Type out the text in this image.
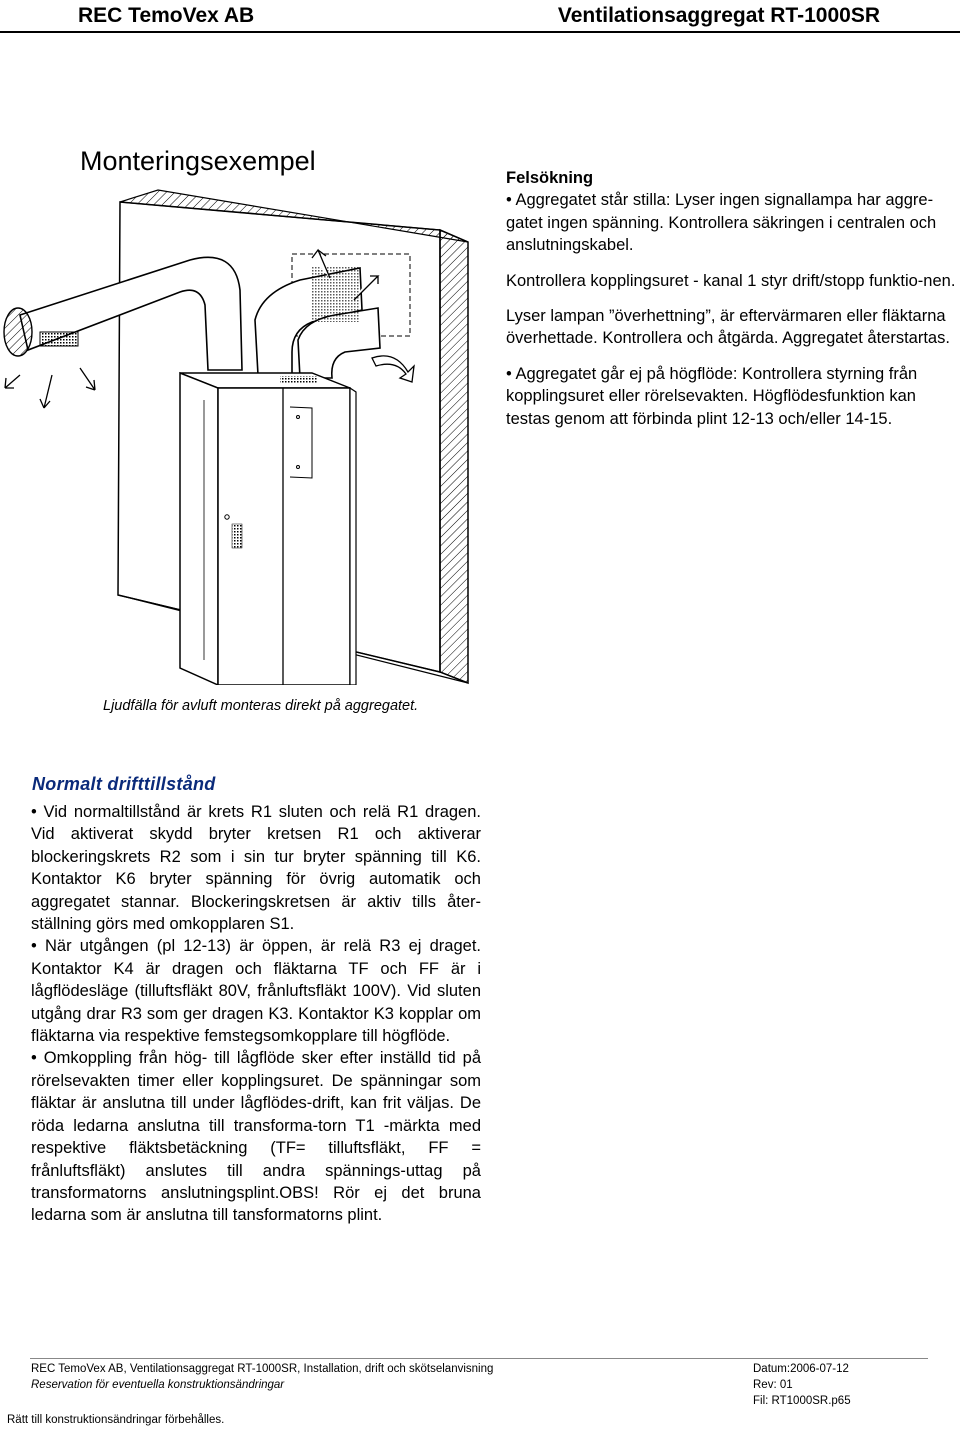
REC TemoVex AB	Ventilationsaggregat RT-1000SR
Monteringsexempel

Felsökning

• Aggregatet står stilla: Lyser ingen signallampa har aggre-gatet ingen spänning. Kontrollera säkringen i centralen och anslutningskabel.

Kontrollera kopplingsuret - kanal 1 styr drift/stopp funktio-nen.

Lyser lampan ”överhettning”, är eftervärmaren eller fläktarna överhettade. Kontrollera och åtgärda. Aggregatet återstartas.

• Aggregatet går ej på högflöde: Kontrollera styrning från kopplingsuret eller rörelsevakten. Högflödesfunktion kan testas genom att förbinda plint 12-13 och/eller 14-15.

Ljudfälla för avluft monteras direkt på aggregatet.
Normalt drifttillstånd

• Vid normaltillstånd är krets R1 sluten och relä R1 dragen. Vid aktiverat skydd bryter kretsen R1 och aktiverar blockeringskrets R2 som i sin tur bryter spänning till K6. Kontaktor K6 bryter spänning för övrig automatik och aggregatet stannar. Blockeringskretsen är aktiv tills åter-ställning görs med omkopplaren S1.

• När utgången (pl 12-13) är öppen, är relä R3 ej draget. Kontaktor K4 är dragen och fläktarna TF och FF är i lågflödesläge (tilluftsfläkt 80V, frånluftsfläkt 100V). Vid sluten utgång drar R3 som ger dragen K3. Kontaktor K3 kopplar om fläktarna via respektive femstegsomkopplare till högflöde.

• Omkoppling från hög- till lågflöde sker efter inställd tid på rörelsevakten timer eller kopplingsuret. De spänningar som fläktar är anslutna till under lågflödes-drift, kan frit väljas. De röda ledarna anslutna till transforma-torn T1 -märkta med respektive fläktsbetäckning (TF= tilluftsfläkt, FF = frånluftsfläkt) anslutes till andra spännings-uttag på transformatorns anslutningsplint.OBS! Rör ej det bruna ledarna som är anslutna till tansformatorns plint.

REC TemoVex AB, Ventilationsaggregat RT-1000SR, Installation, drift och skötselanvisning
Reservation för eventuella konstruktionsändringar
Datum:2006-07-12
Rev: 01
Fil: RT1000SR.p65
Rätt till konstruktionsändringar förbehålles.
